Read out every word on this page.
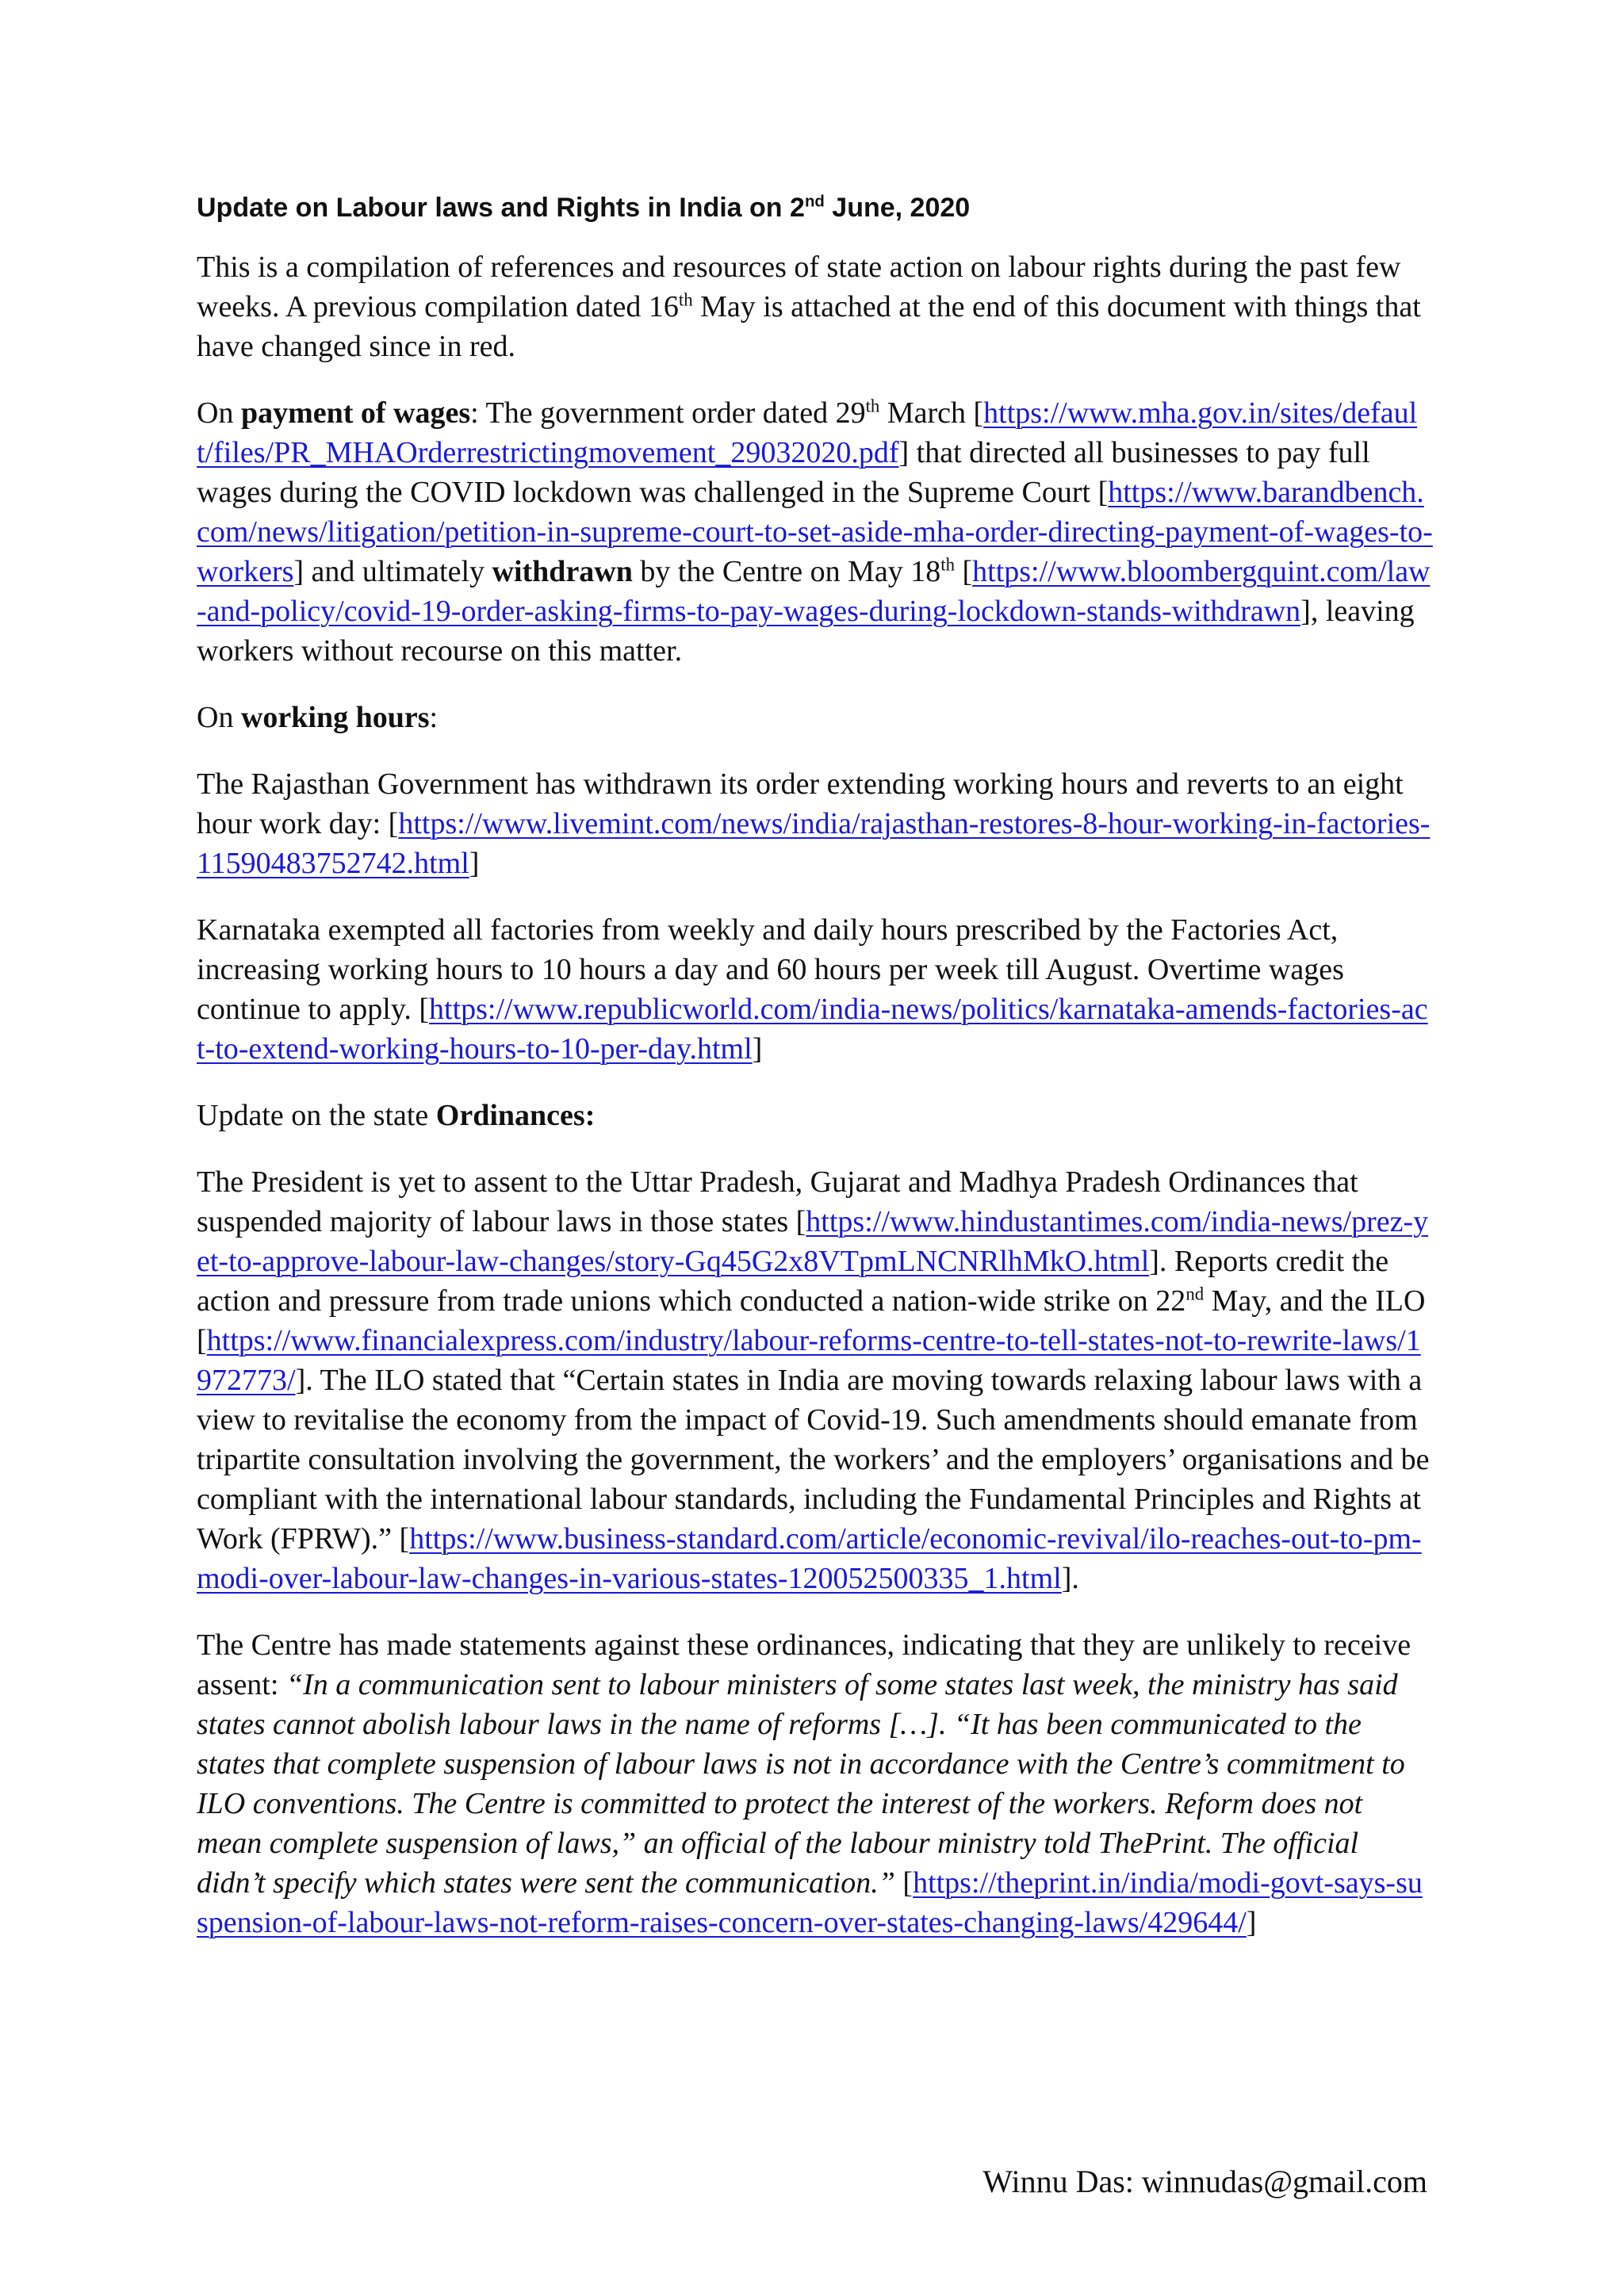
Update on Labour laws and Rights in India on 2nd June, 2020

This is a compilation of references and resources of state action on labour rights during the past few weeks. A previous compilation dated 16th May is attached at the end of this document with things that have changed since in red.

On payment of wages: The government order dated 29th March [https://www.mha.gov.in/sites/default/files/PR_MHAOrderrestrictingmovement_29032020.pdf] that directed all businesses to pay full wages during the COVID lockdown was challenged in the Supreme Court [https://www.barandbench.com/news/litigation/petition-in-supreme-court-to-set-aside-mha-order-directing-payment-of-wages-to-workers] and ultimately withdrawn by the Centre on May 18th [https://www.bloombergquint.com/law-and-policy/covid-19-order-asking-firms-to-pay-wages-during-lockdown-stands-withdrawn], leaving workers without recourse on this matter.

On working hours:

The Rajasthan Government has withdrawn its order extending working hours and reverts to an eight hour work day: [https://www.livemint.com/news/india/rajasthan-restores-8-hour-working-in-factories-11590483752742.html]

Karnataka exempted all factories from weekly and daily hours prescribed by the Factories Act, increasing working hours to 10 hours a day and 60 hours per week till August. Overtime wages continue to apply. [https://www.republicworld.com/india-news/politics/karnataka-amends-factories-act-to-extend-working-hours-to-10-per-day.html]

Update on the state Ordinances:

The President is yet to assent to the Uttar Pradesh, Gujarat and Madhya Pradesh Ordinances that suspended majority of labour laws in those states [https://www.hindustantimes.com/india-news/prez-yet-to-approve-labour-law-changes/story-Gq45G2x8VTpmLNCNRlhMkO.html]. Reports credit the action and pressure from trade unions which conducted a nation-wide strike on 22nd May, and the ILO [https://www.financialexpress.com/industry/labour-reforms-centre-to-tell-states-not-to-rewrite-laws/1972773/]. The ILO stated that “Certain states in India are moving towards relaxing labour laws with a view to revitalise the economy from the impact of Covid-19. Such amendments should emanate from tripartite consultation involving the government, the workers’ and the employers’ organisations and be compliant with the international labour standards, including the Fundamental Principles and Rights at Work (FPRW).” [https://www.business-standard.com/article/economic-revival/ilo-reaches-out-to-pm-modi-over-labour-law-changes-in-various-states-120052500335_1.html].

The Centre has made statements against these ordinances, indicating that they are unlikely to receive assent: “In a communication sent to labour ministers of some states last week, the ministry has said states cannot abolish labour laws in the name of reforms […]. “It has been communicated to the states that complete suspension of labour laws is not in accordance with the Centre’s commitment to ILO conventions. The Centre is committed to protect the interest of the workers. Reform does not mean complete suspension of laws,” an official of the labour ministry told ThePrint. The official didn’t specify which states were sent the communication.” [https://theprint.in/india/modi-govt-says-suspension-of-labour-laws-not-reform-raises-concern-over-states-changing-laws/429644/]

Winnu Das: winnudas@gmail.com
